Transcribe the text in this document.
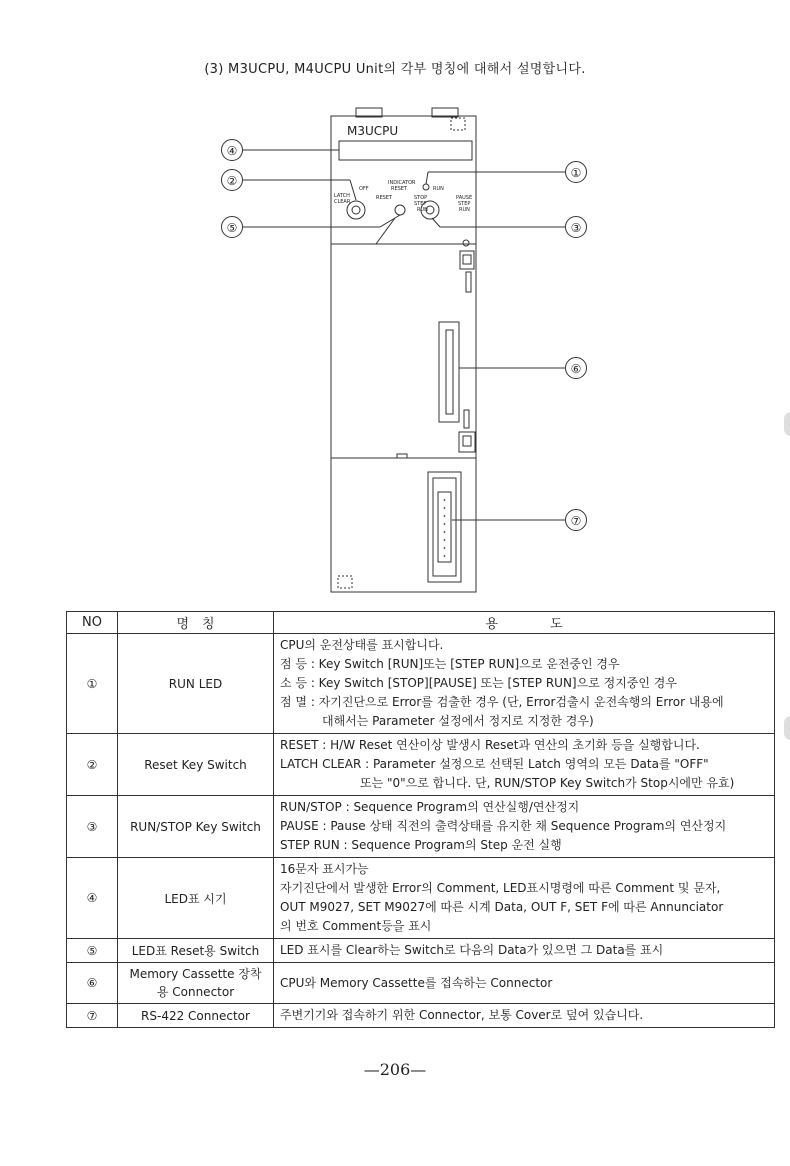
(3) M3UCPU, M4UCPU Unit의 각부 명칭에 대해서 설명합니다.
M3UCPU
INDICATOR
RESET
OFF
LATCH
CLEAR
RESET
RUN
PAUSE
STOP
STEP
RUN
STEP
RUN
④
②
⑤
①
③
⑥
⑦
NO	명　칭	용　　　　도
①	RUN LED	CPU의 운전상태를 표시합니다.
점 등 : Key Switch [RUN]또는 [STEP RUN]으로 운전중인 경우
소 등 : Key Switch [STOP][PAUSE] 또는 [STEP RUN]으로 정지중인 경우
점 멸 : 자기진단으로 Error를 검출한 경우 (단, Error검출시 운전속행의 Error 내용에
대해서는 Parameter 설정에서 정지로 지정한 경우)

②	Reset Key Switch	RESET : H/W Reset 연산이상 발생시 Reset과 연산의 초기화 등을 실행합니다.
LATCH CLEAR : Parameter 설정으로 선택된 Latch 영역의 모든 Data를 "OFF"
또는 "0"으로 합니다. 단, RUN/STOP Key Switch가 Stop시에만 유효)

③	RUN/STOP Key Switch	RUN/STOP : Sequence Program의 연산실행/연산정지
PAUSE : Pause 상태 직전의 출력상태를 유지한 채 Sequence Program의 연산정지
STEP RUN : Sequence Program의 Step 운전 실행

④	LED표 시기	16문자 표시가능
자기진단에서 발생한 Error의 Comment, LED표시명령에 따른 Comment 및 문자,
OUT M9027, SET M9027에 따른 시계 Data, OUT F, SET F에 따른 Annunciator
의 번호 Comment등을 표시

⑤	LED표 Reset용 Switch	LED 표시를 Clear하는 Switch로 다음의 Data가 있으면 그 Data를 표시

⑥	Memory Cassette 장착용 Connector	CPU와 Memory Cassette를 접속하는 Connector

⑦	RS-422 Connector	주변기기와 접속하기 위한 Connector, 보통 Cover로 덮여 있습니다.
—206—
